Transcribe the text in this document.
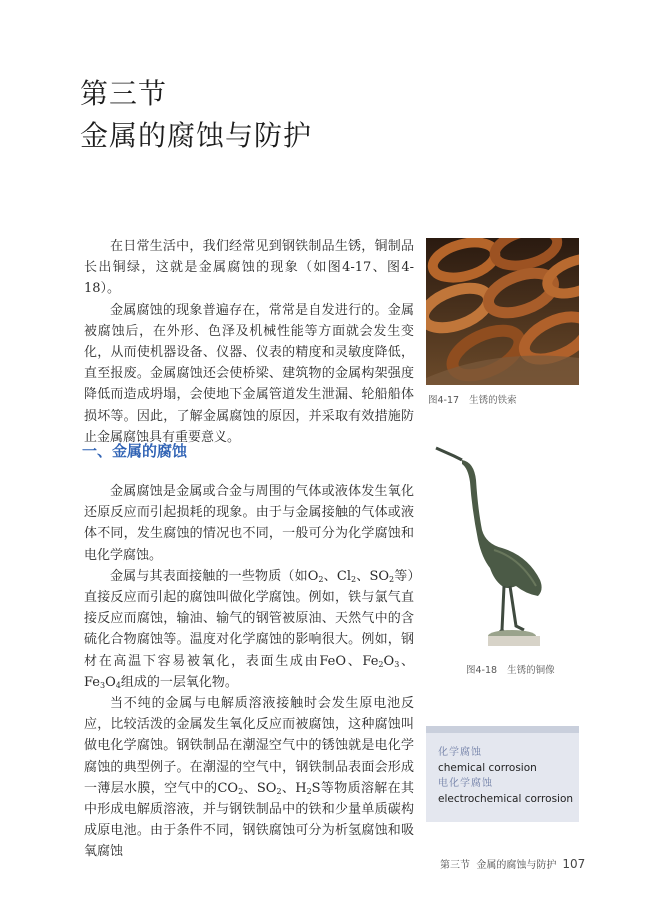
第三节
金属的腐蚀与防护

在日常生活中，我们经常见到钢铁制品生锈，铜制品长出铜绿，这就是金属腐蚀的现象（如图4-17、图4-18）。

金属腐蚀的现象普遍存在，常常是自发进行的。金属被腐蚀后，在外形、色泽及机械性能等方面就会发生变化，从而使机器设备、仪器、仪表的精度和灵敏度降低，直至报废。金属腐蚀还会使桥梁、建筑物的金属构架强度降低而造成坍塌，会使地下金属管道发生泄漏、轮船船体损坏等。因此，了解金属腐蚀的原因，并采取有效措施防止金属腐蚀具有重要意义。

一、金属的腐蚀

金属腐蚀是金属或合金与周围的气体或液体发生氧化还原反应而引起损耗的现象。由于与金属接触的气体或液体不同，发生腐蚀的情况也不同，一般可分为化学腐蚀和电化学腐蚀。

金属与其表面接触的一些物质（如$O_2$、$Cl_2$、$SO_2$等）直接反应而引起的腐蚀叫做化学腐蚀。例如，铁与氯气直接反应而腐蚀，输油、输气的钢管被原油、天然气中的含硫化合物腐蚀等。温度对化学腐蚀的影响很大。例如，钢材在高温下容易被氧化，表面生成由FeO、$Fe_2O_3$、$Fe_3O_4$组成的一层氧化物。

当不纯的金属与电解质溶液接触时会发生原电池反应，比较活泼的金属发生氧化反应而被腐蚀，这种腐蚀叫做电化学腐蚀。钢铁制品在潮湿空气中的锈蚀就是电化学腐蚀的典型例子。在潮湿的空气中，钢铁制品表面会形成一薄层水膜，空气中的$CO_2$、$SO_2$、$H_2S$等物质溶解在其中形成电解质溶液，并与钢铁制品中的铁和少量单质碳构成原电池。由于条件不同，钢铁腐蚀可分为析氢腐蚀和吸氧腐蚀

图4-17 生锈的铁索
图4-18 生锈的铜像
化学腐蚀
chemical corrosion
电化学腐蚀
electrochemical corrosion
第三节 金属的腐蚀与防护 107
